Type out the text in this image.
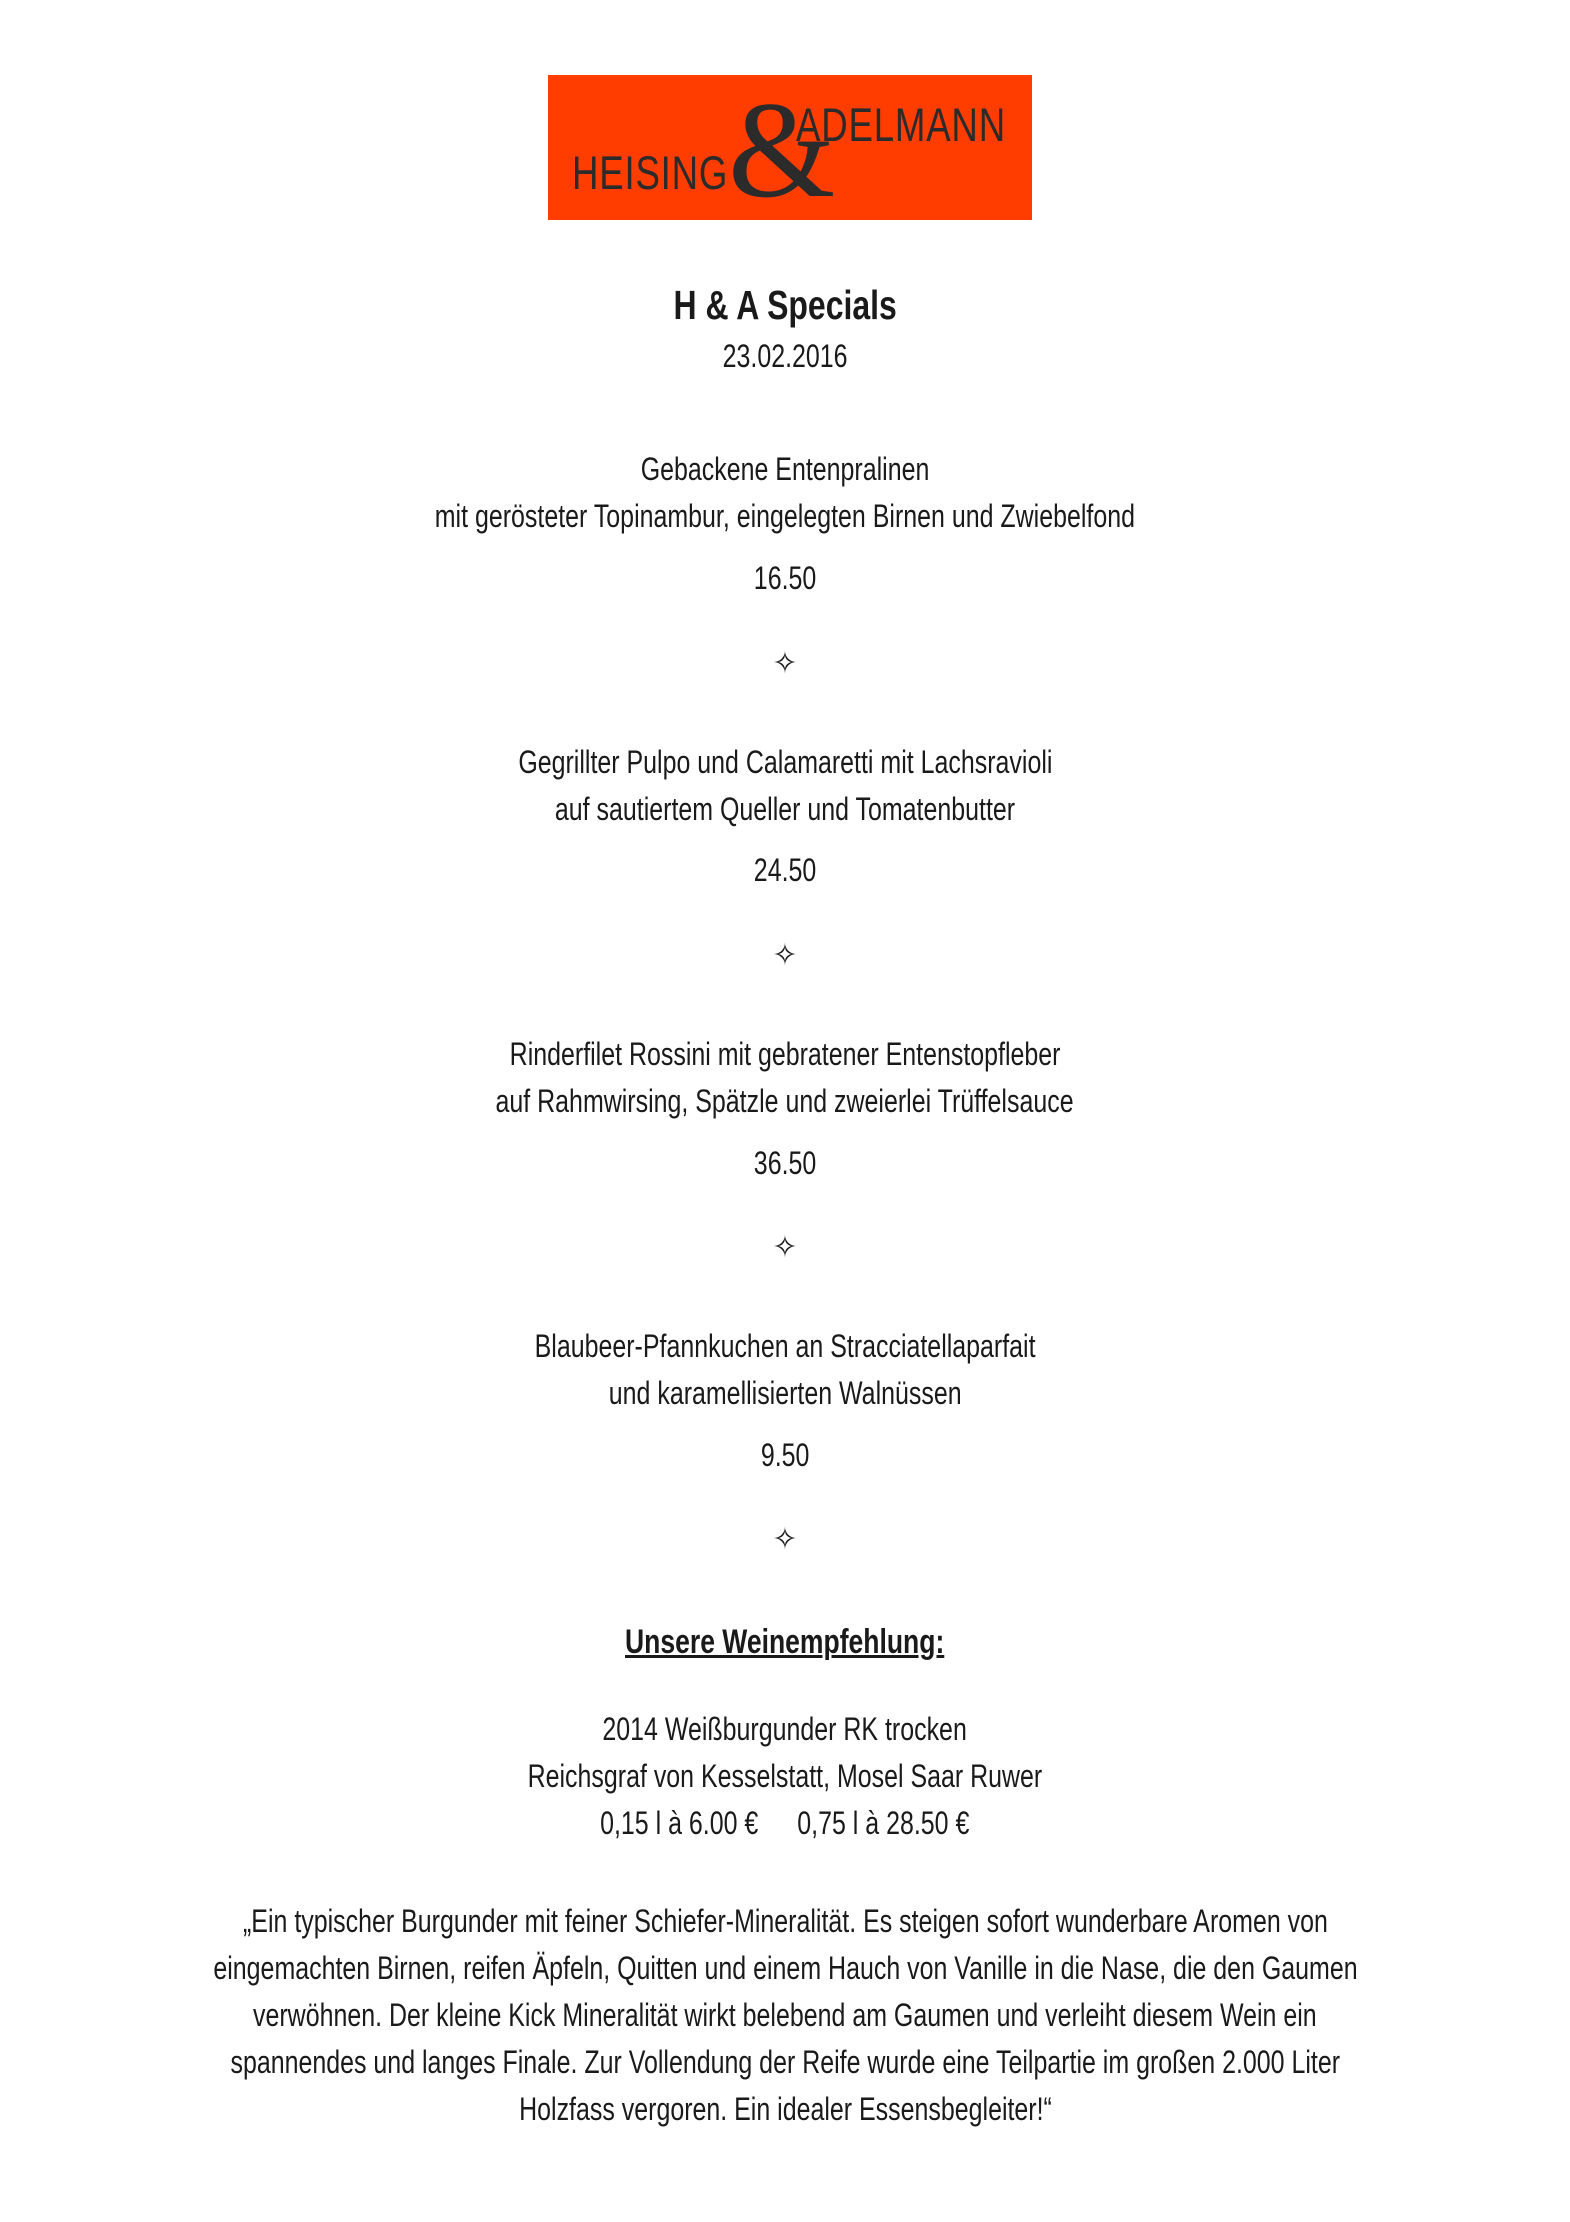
HEISING &
ADELMANN
H & A Specials
23.02.2016
Gebackene Entenpralinen
mit gerösteter Topinambur, eingelegten Birnen und Zwiebelfond
16.50
✧
Gegrillter Pulpo und Calamaretti mit Lachsravioli
auf sautiertem Queller und Tomatenbutter
24.50
✧
Rinderfilet Rossini mit gebratener Entenstopfleber
auf Rahmwirsing, Spätzle und zweierlei Trüffelsauce
36.50
✧
Blaubeer-Pfannkuchen an Stracciatellaparfait
und karamellisierten Walnüssen
9.50
✧
Unsere Weinempfehlung:
2014 Weißburgunder RK trocken
Reichsgraf von Kesselstatt, Mosel Saar Ruwer
0,15 l à 6.00 € 0,75 l à 28.50 €
„Ein typischer Burgunder mit feiner Schiefer-Mineralität. Es steigen sofort wunderbare Aromen von
eingemachten Birnen, reifen Äpfeln, Quitten und einem Hauch von Vanille in die Nase, die den Gaumen
verwöhnen. Der kleine Kick Mineralität wirkt belebend am Gaumen und verleiht diesem Wein ein
spannendes und langes Finale. Zur Vollendung der Reife wurde eine Teilpartie im großen 2.000 Liter
Holzfass vergoren. Ein idealer Essensbegleiter!“
